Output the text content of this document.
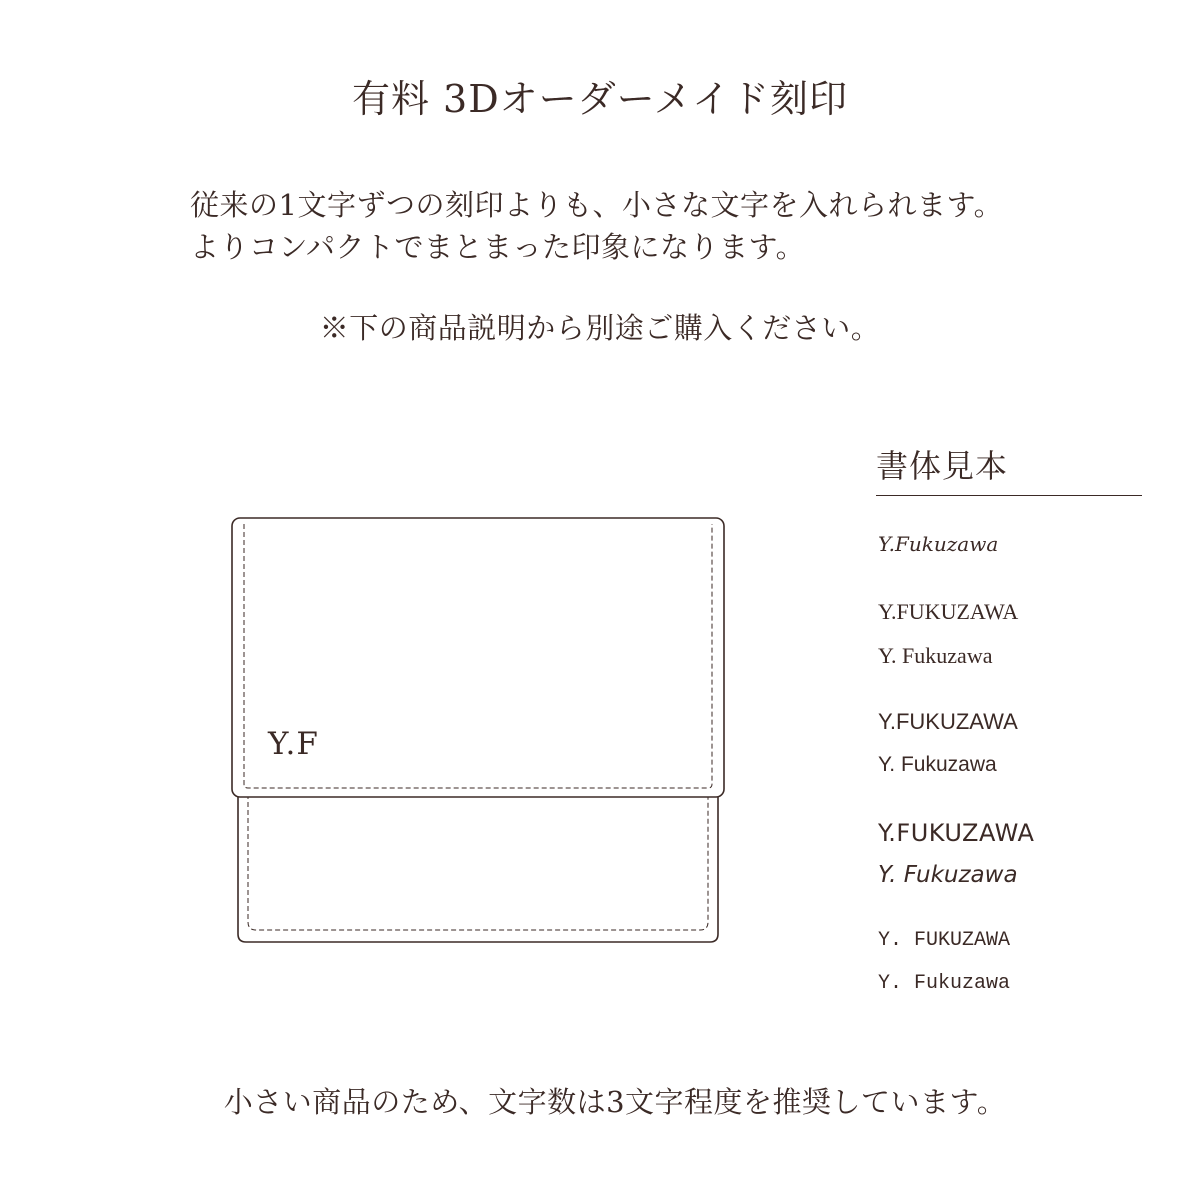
有料 3Dオーダーメイド刻印
従来の1文字ずつの刻印よりも、小さな文字を入れられます。
よりコンパクトでまとまった印象になります。
※下の商品説明から別途ご購入ください。
Y.F
書体見本
Y.Fukuzawa
Y.FUKUZAWA
Y. Fukuzawa
Y.FUKUZAWA
Y. Fukuzawa
Y.FUKUZAWA
Y. Fukuzawa
Y. FUKUZAWA
Y. Fukuzawa
小さい商品のため、文字数は3文字程度を推奨しています。
